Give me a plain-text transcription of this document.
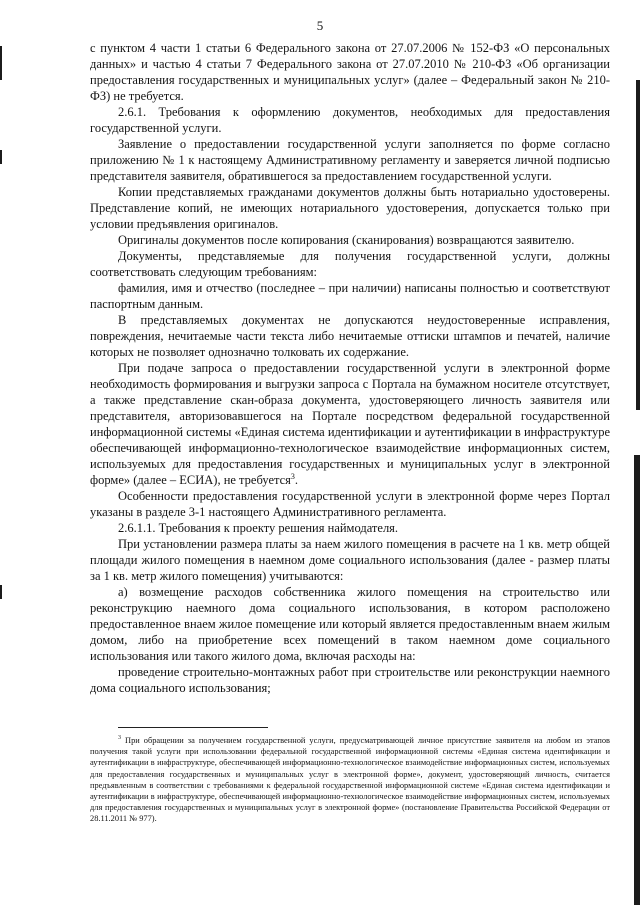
5

с пунктом 4 части 1 статьи 6 Федерального закона от 27.07.2006 № 152-ФЗ «О персональных данных» и частью 4 статьи 7 Федерального закона от 27.07.2010 № 210-ФЗ «Об организации предоставления государственных и муниципальных услуг» (далее – Федеральный закон № 210-ФЗ) не требуется.

2.6.1. Требования к оформлению документов, необходимых для предоставления государственной услуги.

Заявление о предоставлении государственной услуги заполняется по форме согласно приложению № 1 к настоящему Административному регламенту и заверяется личной подписью представителя заявителя, обратившегося за предоставлением государственной услуги.

Копии представляемых гражданами документов должны быть нотариально удостоверены. Представление копий, не имеющих нотариального удостоверения, допускается только при условии предъявления оригиналов.

Оригиналы документов после копирования (сканирования) возвращаются заявителю.

Документы, представляемые для получения государственной услуги, должны соответствовать следующим требованиям:

фамилия, имя и отчество (последнее – при наличии) написаны полностью и соответствуют паспортным данным.

В представляемых документах не допускаются неудостоверенные исправления, повреждения, нечитаемые части текста либо нечитаемые оттиски штампов и печатей, наличие которых не позволяет однозначно толковать их содержание.

При подаче запроса о предоставлении государственной услуги в электронной форме необходимость формирования и выгрузки запроса с Портала на бумажном носителе отсутствует, а также представление скан-образа документа, удостоверяющего личность заявителя или представителя, авторизовавшегося на Портале посредством федеральной государственной информационной системы «Единая система идентификации и аутентификации в инфраструктуре обеспечивающей информационно-технологическое взаимодействие информационных систем, используемых для предоставления государственных и муниципальных услуг в электронной форме» (далее – ЕСИА), не требуется$^3$.

Особенности предоставления государственной услуги в электронной форме через Портал указаны в разделе 3-1 настоящего Административного регламента.

2.6.1.1. Требования к проекту решения наймодателя.

При установлении размера платы за наем жилого помещения в расчете на 1 кв. метр общей площади жилого помещения в наемном доме социального использования (далее - размер платы за 1 кв. метр жилого помещения) учитываются:

а) возмещение расходов собственника жилого помещения на строительство или реконструкцию наемного дома социального использования, в котором расположено предоставленное внаем жилое помещение или который является предоставленным внаем жилым домом, либо на приобретение всех помещений в таком наемном доме социального использования или такого жилого дома, включая расходы на:

проведение строительно-монтажных работ при строительстве или реконструкции наемного дома социального использования;

$^3$ При обращении за получением государственной услуги, предусматривающей личное присутствие заявителя на любом из этапов получения такой услуги при использовании федеральной государственной информационной системы «Единая система идентификации и аутентификации в инфраструктуре, обеспечивающей информационно-технологическое взаимодействие информационных систем, используемых для предоставления государственных и муниципальных услуг в электронной форме», документ, удостоверяющий личность, считается предъявленным в соответствии с требованиями к федеральной государственной информационной системе «Единая система идентификации и аутентификации в инфраструктуре, обеспечивающей информационно-технологическое взаимодействие информационных систем, используемых для предоставления государственных и муниципальных услуг в электронной форме» (постановление Правительства Российской Федерации от 28.11.2011 № 977).
